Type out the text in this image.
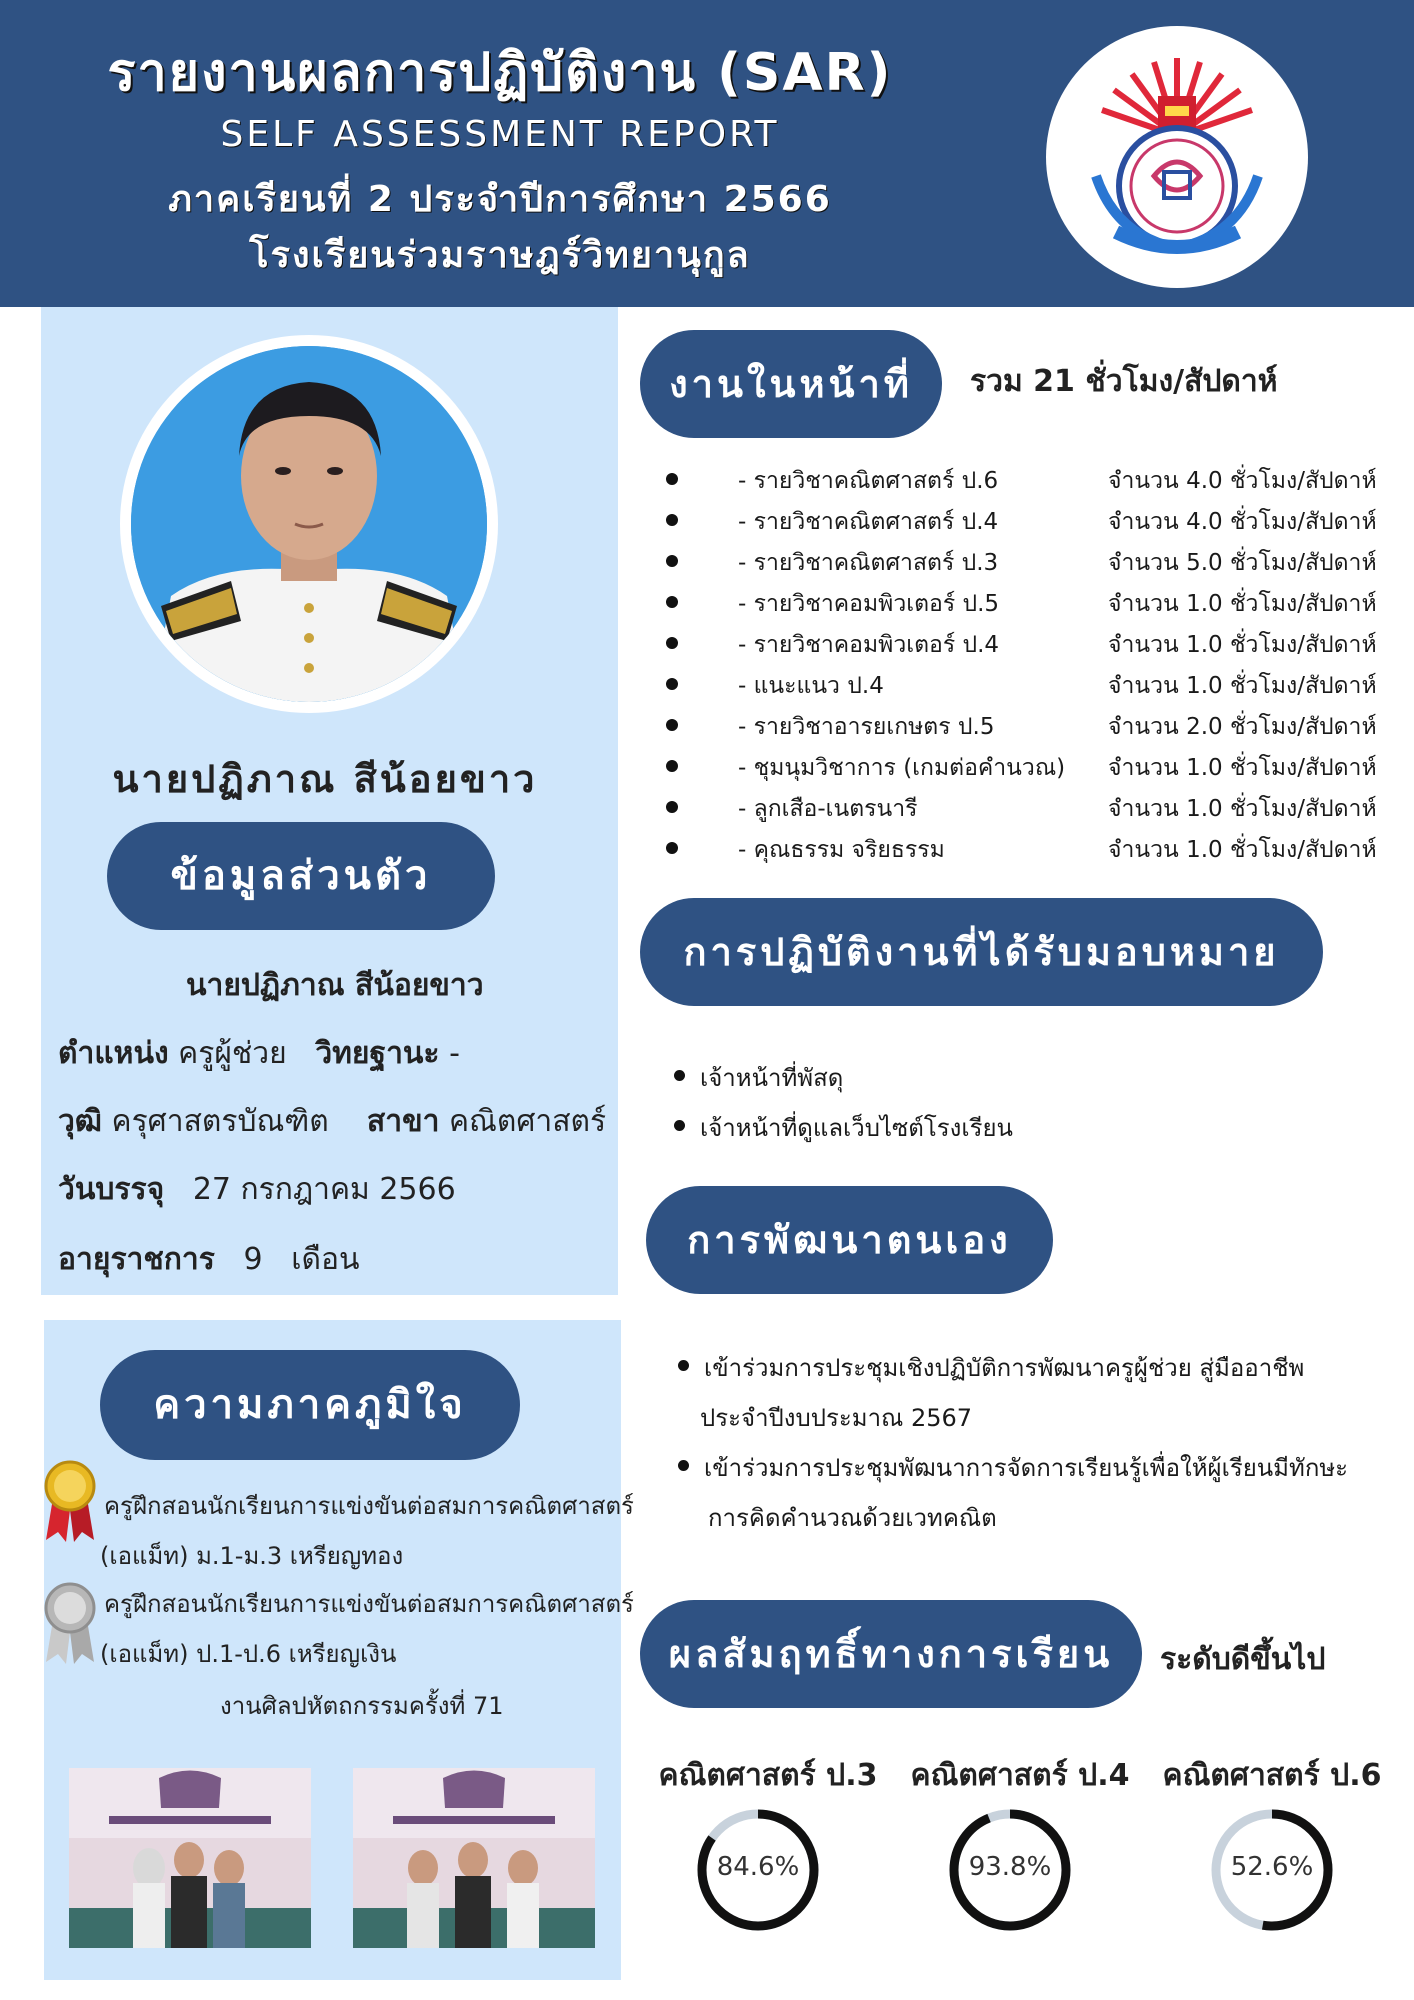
รายงานผลการปฏิบัติงาน (SAR)
SELF ASSESSMENT REPORT
ภาคเรียนที่ 2 ประจำปีการศึกษา 2566
โรงเรียนร่วมราษฎร์วิทยานุกูล
นายปฏิภาณ สีน้อยขาว
ข้อมูลส่วนตัว
นายปฏิภาณ สีน้อยขาว
ตำแหน่ง ครูผู้ช่วย วิทยฐานะ -
วุฒิ ครุศาสตรบัณฑิต สาขา คณิตศาสตร์
วันบรรจุ 27 กรกฎาคม 2566
อายุราชการ 9 เดือน
ความภาคภูมิใจ
ครูฝึกสอนนักเรียนการแข่งขันต่อสมการคณิตศาสตร์
(เอแม็ท) ม.1-ม.3 เหรียญทอง
ครูฝึกสอนนักเรียนการแข่งขันต่อสมการคณิตศาสตร์
(เอแม็ท) ป.1-ป.6 เหรียญเงิน
งานศิลปหัตถกรรมครั้งที่ 71
งานในหน้าที่	รวม 21 ชั่วโมง/สัปดาห์
- รายวิชาคณิตศาสตร์ ป.6	จำนวน 4.0 ชั่วโมง/สัปดาห์
- รายวิชาคณิตศาสตร์ ป.4	จำนวน 4.0 ชั่วโมง/สัปดาห์
- รายวิชาคณิตศาสตร์ ป.3	จำนวน 5.0 ชั่วโมง/สัปดาห์
- รายวิชาคอมพิวเตอร์ ป.5	จำนวน 1.0 ชั่วโมง/สัปดาห์
- รายวิชาคอมพิวเตอร์ ป.4	จำนวน 1.0 ชั่วโมง/สัปดาห์
- แนะแนว ป.4	จำนวน 1.0 ชั่วโมง/สัปดาห์
- รายวิชาอารยเกษตร ป.5	จำนวน 2.0 ชั่วโมง/สัปดาห์
- ชุมนุมวิชาการ (เกมต่อคำนวณ) จำนวน 1.0 ชั่วโมง/สัปดาห์
- ลูกเสือ-เนตรนารี	จำนวน 1.0 ชั่วโมง/สัปดาห์
- คุณธรรม จริยธรรม	จำนวน 1.0 ชั่วโมง/สัปดาห์
การปฏิบัติงานที่ได้รับมอบหมาย
เจ้าหน้าที่พัสดุ
เจ้าหน้าที่ดูแลเว็บไซต์โรงเรียน
การพัฒนาตนเอง
เข้าร่วมการประชุมเชิงปฏิบัติการพัฒนาครูผู้ช่วย สู่มืออาชีพ
ประจำปีงบประมาณ 2567
เข้าร่วมการประชุมพัฒนาการจัดการเรียนรู้เพื่อให้ผู้เรียนมีทักษะ
การคิดคำนวณด้วยเวทคณิต
ผลสัมฤทธิ์ทางการเรียน	ระดับดีขึ้นไป
คณิตศาสตร์ ป.3
84.6%
คณิตศาสตร์ ป.4
93.8%
คณิตศาสตร์ ป.6
52.6%
